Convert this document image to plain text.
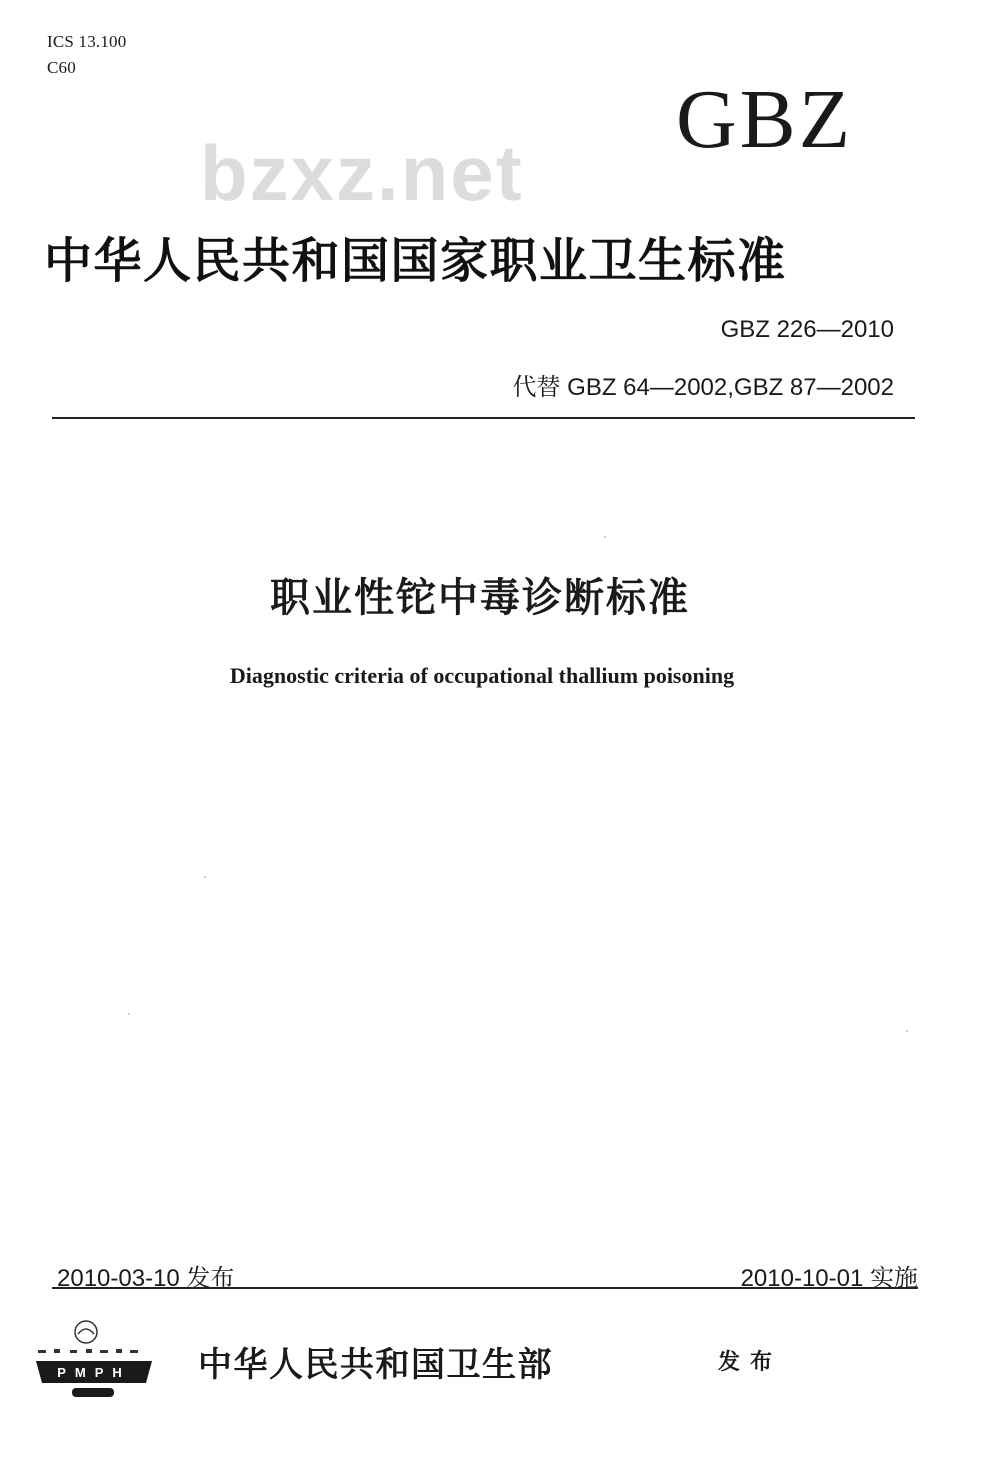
ICS 13.100
C60
GBZ
bzxz.net
中华人民共和国国家职业卫生标准
GBZ 226—2010
代替 GBZ 64—2002,GBZ 87—2002
职业性铊中毒诊断标准
Diagnostic criteria of occupational thallium poisoning
2010-03-10 发布	2010-10-01 实施
PMPH 中华人民共和国卫生部	发布
